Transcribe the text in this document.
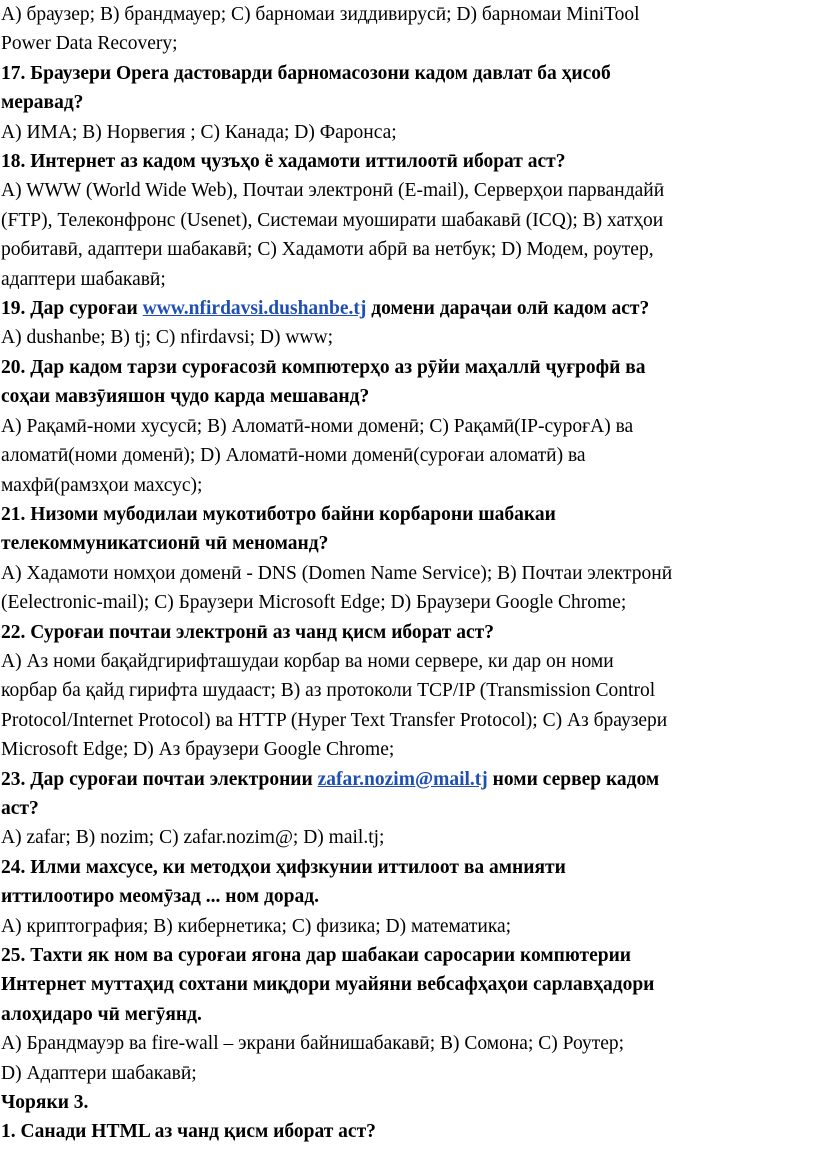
A) браузер; B) брандмауер; C) барномаи зиддивирусӣ; D) барномаи MiniTool
Power Data Recovery;
17. Браузери Opera дастоварди барномасозони кадом давлат ба ҳисоб
меравад?
A) ИМА; B) Норвегия ; C) Канада; D) Фаронса;
18. Интернет аз кадом ҷузъҳо ё хадамоти иттилоотӣ иборат аст?
A) WWW (World Wide Web), Почтаи электронӣ (E-mail), Серверҳои парвандайӣ
(FTP), Телеконфронс (Usenet), Системаи муоширати шабакавӣ (ICQ); B) хатҳои
робитавӣ, адаптери шабакавӣ; C) Хадамоти абрӣ ва нетбук; D) Модем, роутер,
адаптери шабакавӣ;
19. Дар суроғаи www.nfirdavsi.dushanbe.tj домени дараҷаи олӣ кадом аст?
A) dushanbe; B) tj; C) nfirdavsi; D) www;
20. Дар кадом тарзи суроғасозӣ компютерҳо аз рӯйи маҳаллӣ ҷуғрофӣ ва
соҳаи мавзӯияшон ҷудо карда мешаванд?
A) Рақамӣ-номи хусусӣ; B) Аломатӣ-номи доменӣ; C) Рақамӣ(IP-суроғА) ва
аломатӣ(номи доменӣ); D) Аломатӣ-номи доменӣ(суроғаи аломатӣ) ва
махфӣ(рамзҳои махсус);
21. Низоми мубодилаи мукотиботро байни корбарони шабакаи
телекоммуникатсионӣ чӣ меноманд?
A) Хадамоти номҳои доменӣ - DNS (Domen Name Service); B) Почтаи электронӣ
(Eelectronic-mail); C) Браузери Microsoft Edge; D) Браузери Google Chrome;
22. Суроғаи почтаи электронӣ аз чанд қисм иборат аст?
A) Аз номи бақайдгирифташудаи корбар ва номи сервере, ки дар он номи
корбар ба қайд гирифта шудааст; B) аз протоколи TCP/IP (Transmission Control
Protocol/Internet Protocol) ва HTTP (Hyper Text Transfer Protocol); C) Аз браузери
Microsoft Edge; D) Аз браузери Google Chrome;
23. Дар суроғаи почтаи электронии zafar.nozim@mail.tj номи сервер кадом
аст?
A) zafar; B) nozim; C) zafar.nozim@; D) mail.tj;
24. Илми махсусе, ки методҳои ҳифзкунии иттилоот ва амнияти
иттилоотиро меомӯзад ... ном дорад.
A) криптография; B) кибернетика; C) физика; D) математика;
25. Тахти як ном ва суроғаи ягона дар шабакаи саросарии компютерии
Интернет муттаҳид сохтани миқдори муайяни вебсафҳаҳои сарлавҳадори
алоҳидаро чӣ мегӯянд.
A) Брандмауэр ва fire-wall – экрани байнишабакавӣ; B) Сомона; C) Роутер;
D) Адаптери шабакавӣ;
Чоряки 3.
1. Санади HTML аз чанд қисм иборат аст?
